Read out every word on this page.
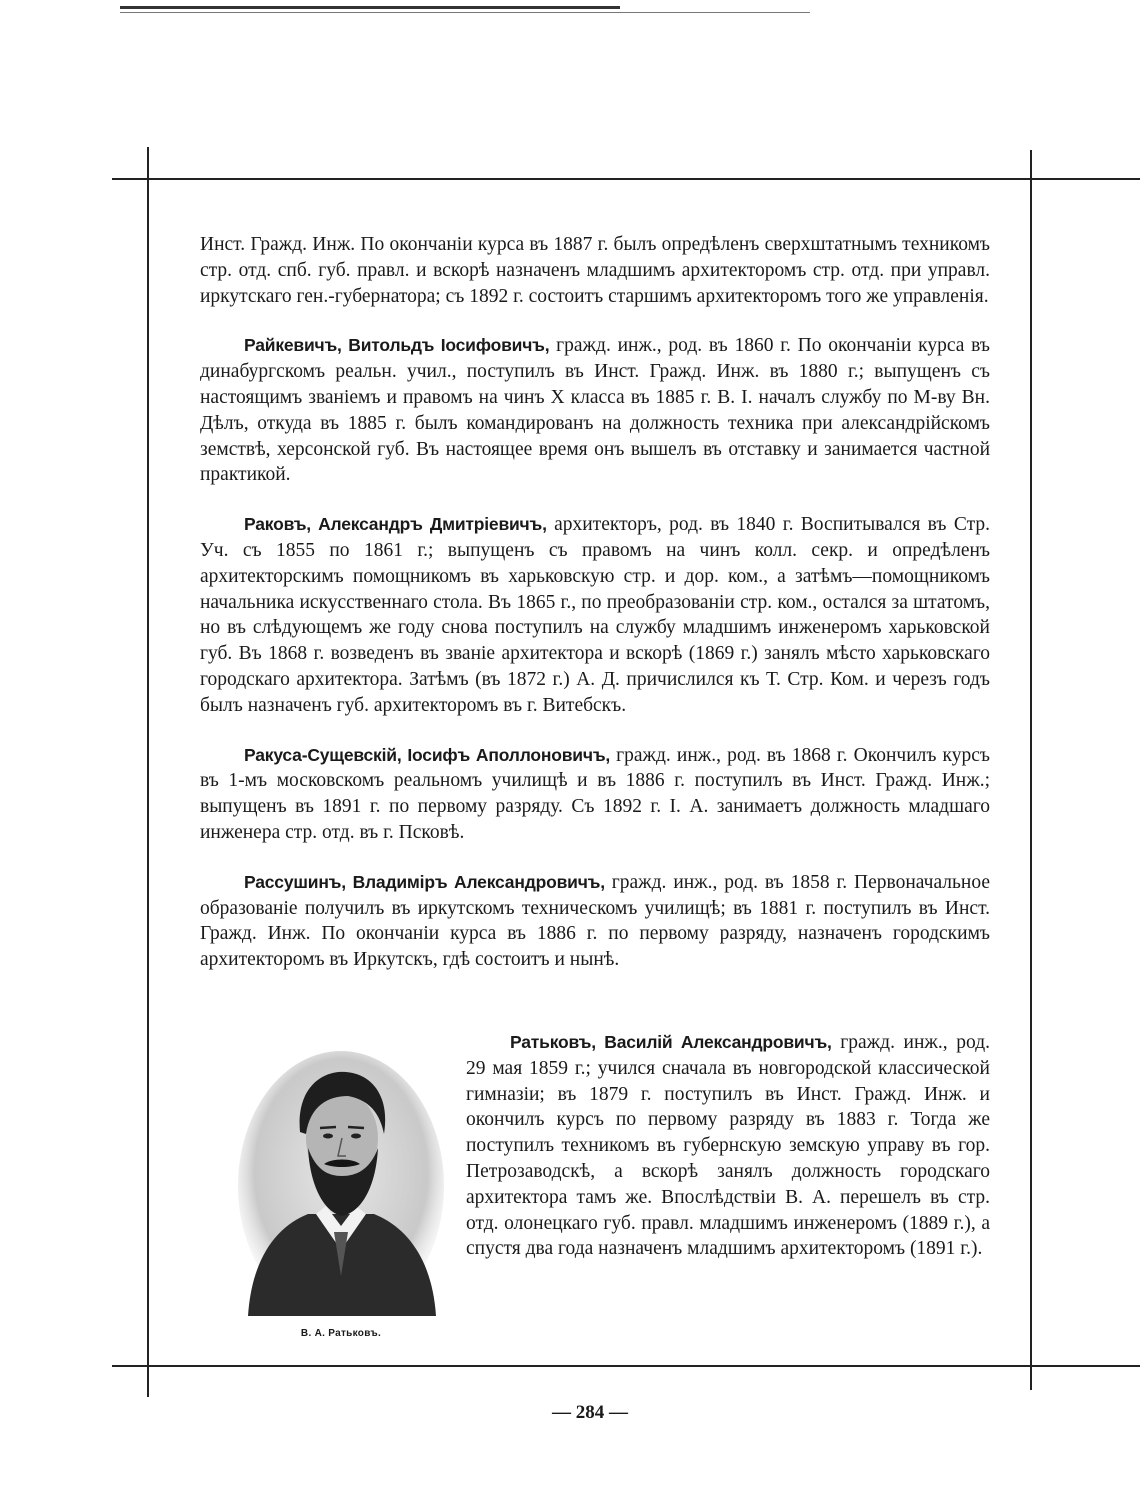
Инст. Гражд. Инж. По окончанiи курса въ 1887 г. былъ опредѣленъ сверхштатнымъ техникомъ стр. отд. спб. губ. правл. и вскорѣ назначенъ младшимъ архитекторомъ стр. отд. при управл. иркутскаго ген.-губернатора; съ 1892 г. состоитъ старшимъ архитекторомъ того же управленiя.

Райкевичъ, Витольдъ Iосифовичъ, гражд. инж., род. въ 1860 г. По окончанiи курса въ динабургскомъ реальн. учил., поступилъ въ Инст. Гражд. Инж. въ 1880 г.; выпущенъ съ настоящимъ званiемъ и правомъ на чинъ X класса въ 1885 г. В. I. началъ службу по М-ву Вн. Дѣлъ, откуда въ 1885 г. былъ командированъ на должность техника при александрiйскомъ земствѣ, херсонской губ. Въ настоящее время онъ вышелъ въ отставку и занимается частной практикой.

Раковъ, Александръ Дмитрiевичъ, архитекторъ, род. въ 1840 г. Воспитывался въ Стр. Уч. съ 1855 по 1861 г.; выпущенъ съ правомъ на чинъ колл. секр. и опредѣленъ архитекторскимъ помощникомъ въ харьковскую стр. и дор. ком., а затѣмъ—помощникомъ начальника искусственнаго стола. Въ 1865 г., по преобразованiи стр. ком., остался за штатомъ, но въ слѣдующемъ же году снова поступилъ на службу младшимъ инженеромъ харьковской губ. Въ 1868 г. возведенъ въ званiе архитектора и вскорѣ (1869 г.) занялъ мѣсто харьковскаго городскаго архитектора. Затѣмъ (въ 1872 г.) А. Д. причислился къ Т. Стр. Ком. и черезъ годъ былъ назначенъ губ. архитекторомъ въ г. Витебскъ.

Ракуса-Сущевскiй, Iосифъ Аполлоновичъ, гражд. инж., род. въ 1868 г. Окончилъ курсъ въ 1-мъ московскомъ реальномъ училищѣ и въ 1886 г. поступилъ въ Инст. Гражд. Инж.; выпущенъ въ 1891 г. по первому разряду. Съ 1892 г. I. А. занимаетъ должность младшаго инженера стр. отд. въ г. Псковѣ.

Рассушинъ, Владимiръ Александровичъ, гражд. инж., род. въ 1858 г. Первоначальное образованiе получилъ въ иркутскомъ техническомъ училищѣ; въ 1881 г. поступилъ въ Инст. Гражд. Инж. По окончанiи курса въ 1886 г. по первому разряду, назначенъ городскимъ архитекторомъ въ Иркутскъ, гдѣ состоитъ и нынѣ.

В. А. Ратьковъ.

Ратьковъ, Василiй Александровичъ, гражд. инж., род. 29 мая 1859 г.; учился сначала въ новгородской классической гимназiи; въ 1879 г. поступилъ въ Инст. Гражд. Инж. и окончилъ курсъ по первому разряду въ 1883 г. Тогда же поступилъ техникомъ въ губернскую земскую управу въ гор. Петрозаводскѣ, а вскорѣ занялъ должность городскаго архитектора тамъ же. Впослѣдствiи В. А. перешелъ въ стр. отд. олонецкаго губ. правл. младшимъ инженеромъ (1889 г.), а спустя два года назначенъ младшимъ архитекторомъ (1891 г.).

— 284 —
